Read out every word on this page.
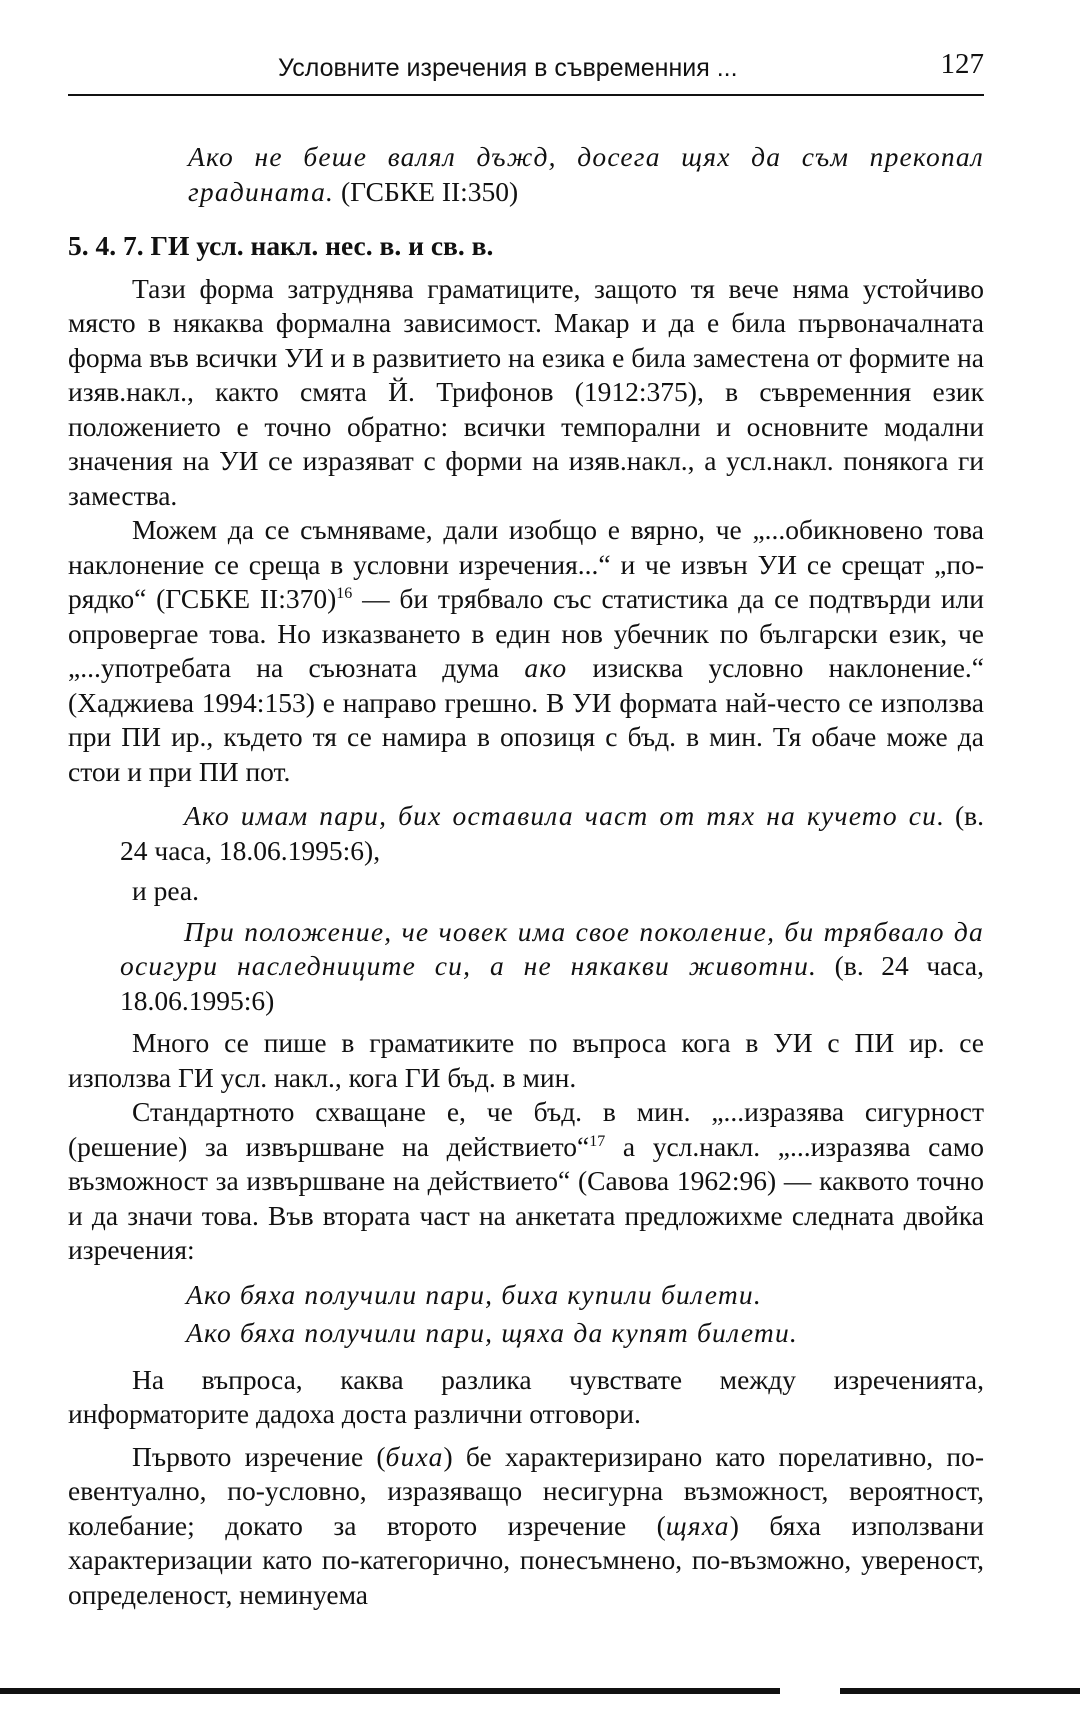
Условните изречения в съвременния ...	127

Ако не беше валял дъжд, досега щях да съм прекопал градината. (ГСБКЕ II:350)

5. 4. 7. ГИ усл. накл. нес. в. и св. в.

Тази форма затруднява граматиците, защото тя вече няма устойчиво място в някаква формална зависимост. Макар и да е била първоначалната форма във всички УИ и в развитието на езика е била заместена от формите на изяв.накл., както смята Й. Трифонов (1912:375), в съвременния език положението е точно обратно: всички темпорални и основните модални значения на УИ се изразяват с форми на изяв.накл., а усл.накл. понякога ги замества.

Можем да се съмняваме, дали изобщо е вярно, че „...обикновено това наклонение се среща в условни изречения...“ и че извън УИ се срещат „по-рядко“ (ГСБКЕ II:370)$^{16}$ — би трябвало със статистика да се подтвърди или опровергае това. Но изказването в един нов убечник по български език, че „...употребата на съюзната дума ако изисква условно наклонение.“ (Хаджиева 1994:153) е направо грешно. В УИ формата най-често се използва при ПИ ир., където тя се намира в опозиця с бъд. в мин. Тя обаче може да стои и при ПИ пот.

Ако имам пари, бих оставила част от тях на кучето си. (в. 24 часа, 18.06.1995:6),

и реа.

При положение, че човек има свое поколение, би трябвало да осигури наследниците си, а не някакви животни. (в. 24 часа, 18.06.1995:6)

Много се пише в граматиките по въпроса кога в УИ с ПИ ир. се използва ГИ усл. накл., кога ГИ бъд. в мин.

Стандартното схващане е, че бъд. в мин. „...изразява сигурност (решение) за извършване на действието“$^{17}$ а усл.накл. „...изразява само възможност за извършване на действието“ (Савова 1962:96) — каквото точно и да значи това. Във втората част на анкетата предложихме следната двойка изречения:

Ако бяха получили пари, биха купили билети.

Ако бяха получили пари, щяха да купят билети.

На въпроса, каква разлика чувствате между изреченията, информаторите дадоха доста различни отговори.

Първото изречение (биха) бе характеризирано като порелативно, по-евентуално, по-условно, изразяващо несигурна възможност, вероятност, колебание; докато за второто изречение (щяха) бяха използвани характеризации като по-категорично, понесъмнено, по-възможно, увереност, определеност, неминуема
